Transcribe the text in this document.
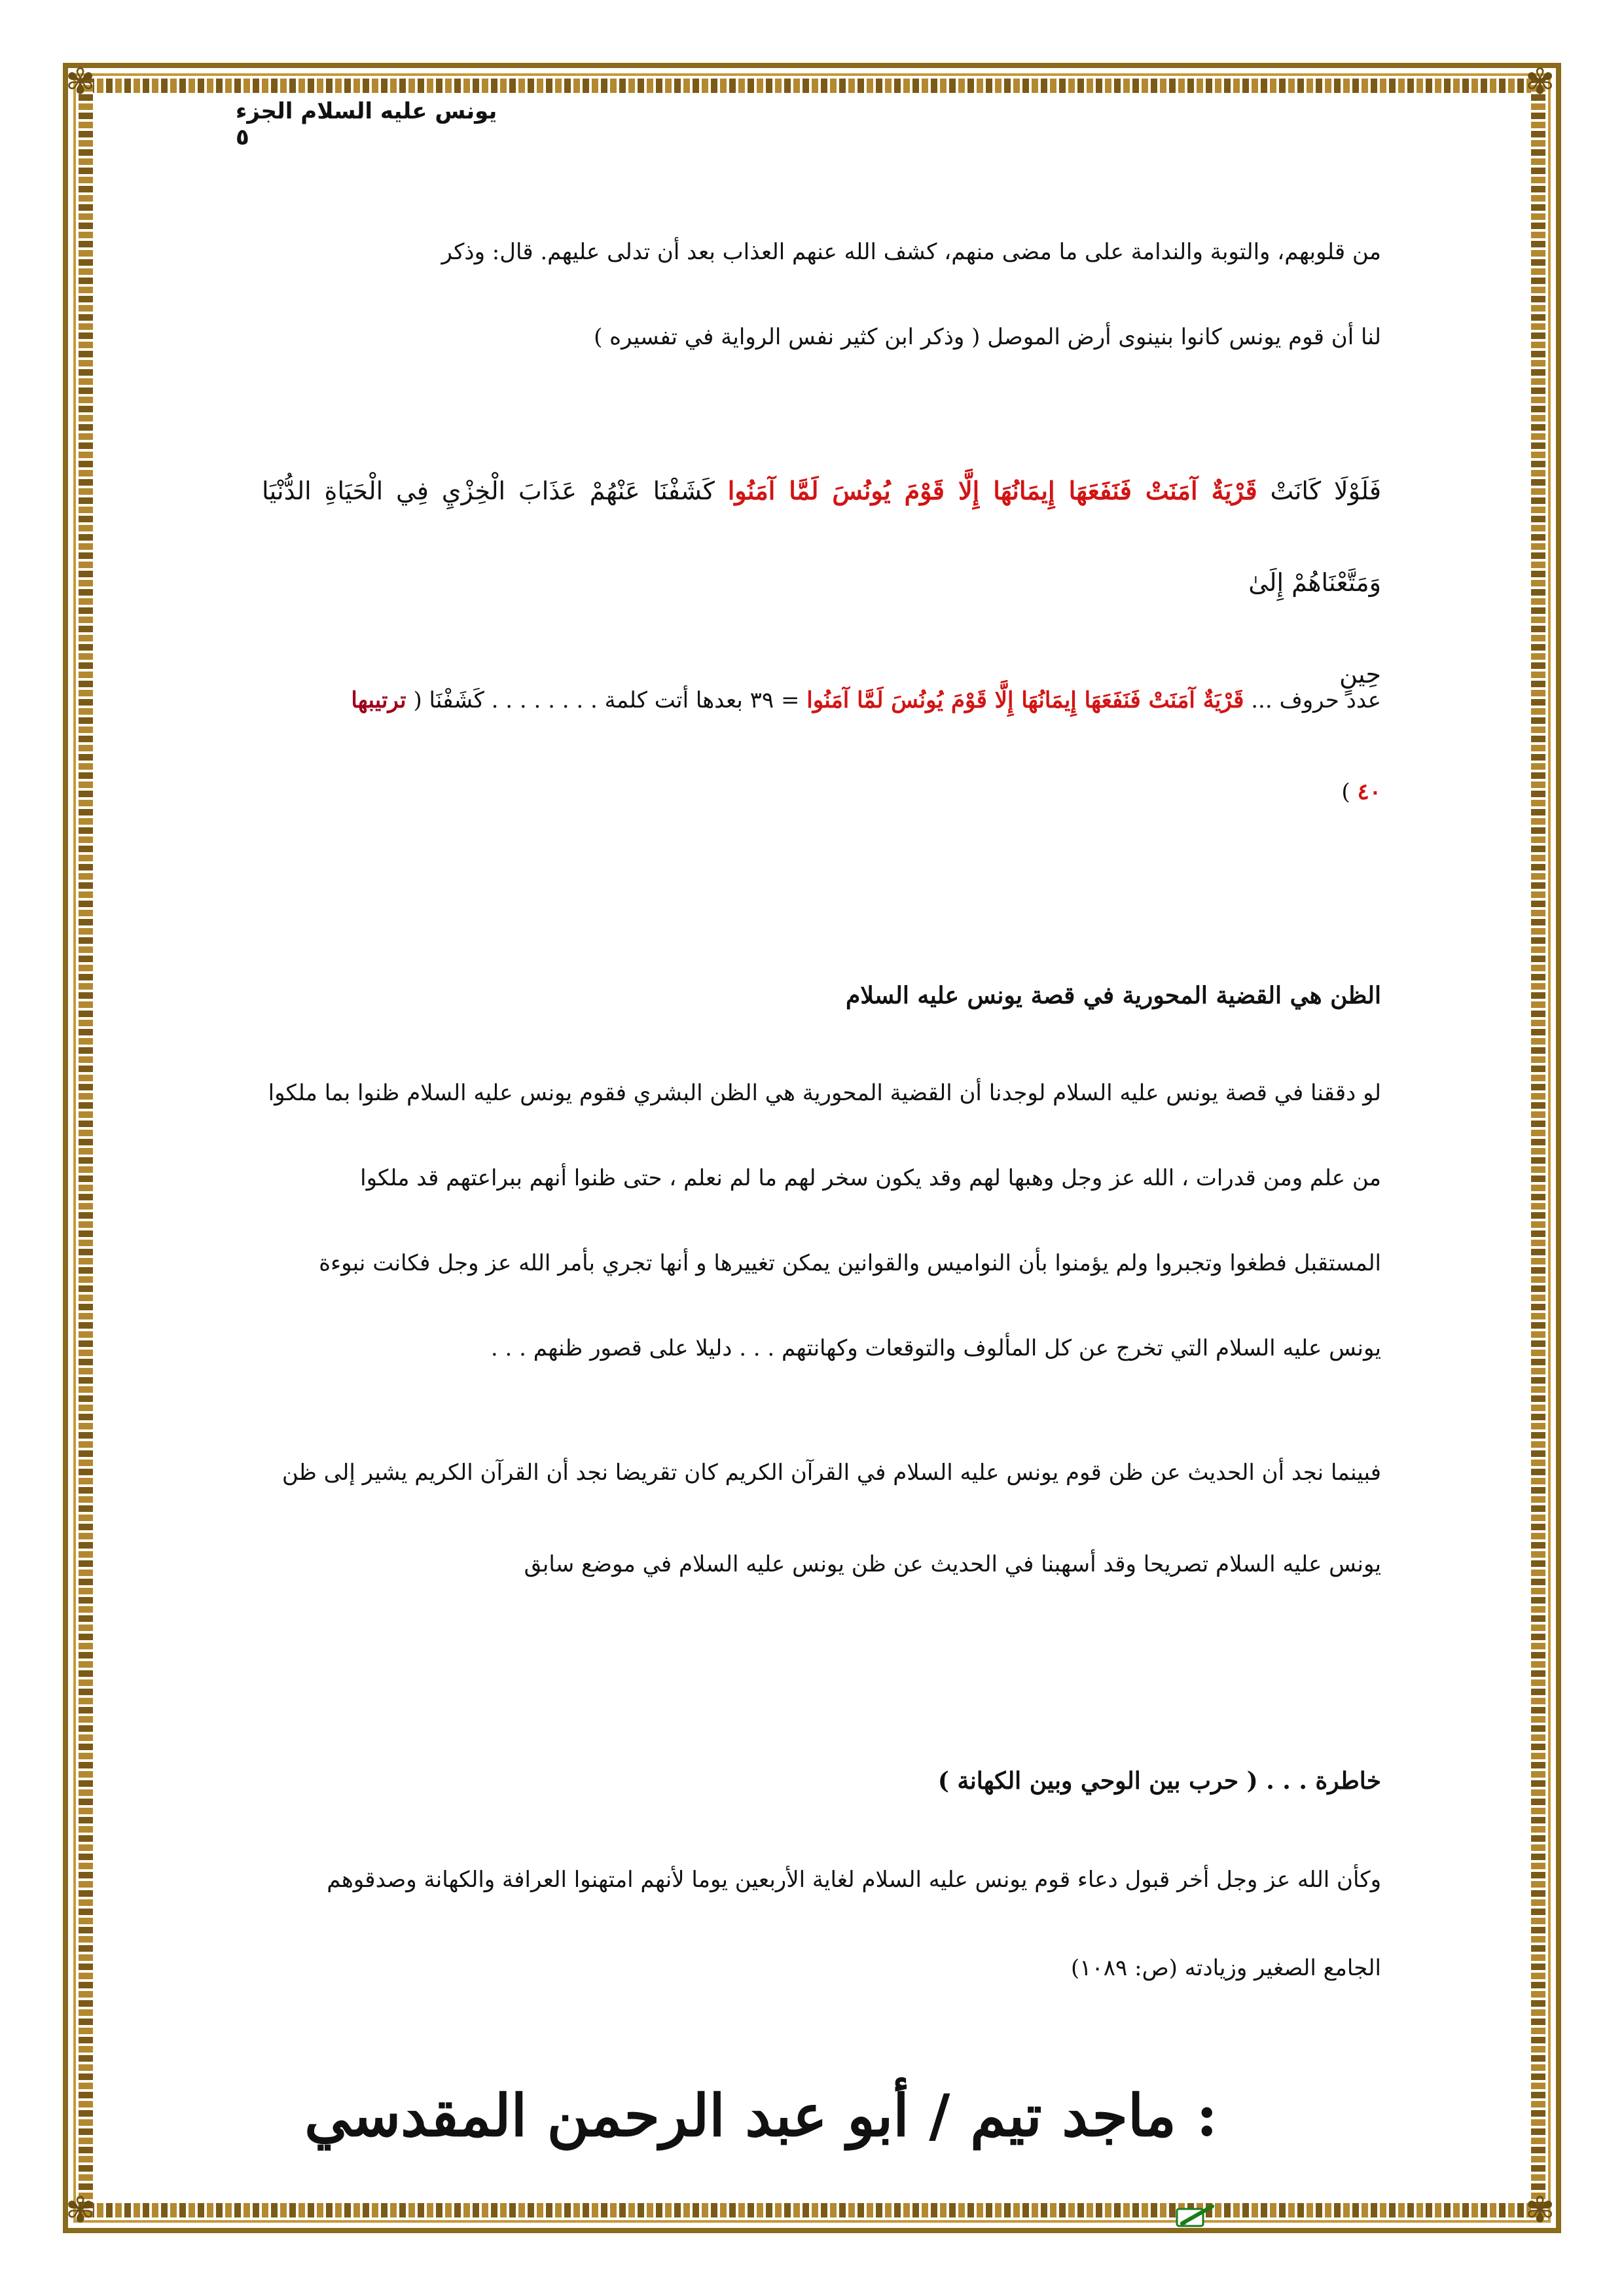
✾	✾
✾	✾
يونس عليه السلام الجزء ٥
من قلوبهم، والتوبة والندامة على ما مضى منهم، كشف الله عنهم العذاب بعد أن تدلى عليهم. قال: وذكر
لنا أن قوم يونس كانوا بنينوى أرض الموصل ( وذكر ابن كثير نفس الرواية في تفسيره )
فَلَوْلَا كَانَتْ قَرْيَةٌ آمَنَتْ فَنَفَعَهَا إِيمَانُهَا إِلَّا قَوْمَ يُونُسَ لَمَّا آمَنُوا كَشَفْنَا عَنْهُمْ عَذَابَ الْخِزْيِ فِي الْحَيَاةِ الدُّنْيَا وَمَتَّعْنَاهُمْ إِلَىٰ
حِينٍ
عدد حروف ... قَرْيَةٌ آمَنَتْ فَنَفَعَهَا إِيمَانُهَا إِلَّا قَوْمَ يُونُسَ لَمَّا آمَنُوا = ٣٩ بعدها أتت كلمة . . . . . . . . كَشَفْنَا ( ترتيبها
٤٠ )
الظن هي القضية المحورية في قصة يونس عليه السلام
لو دققنا في قصة يونس عليه السلام لوجدنا أن القضية المحورية هي الظن البشري فقوم يونس عليه السلام ظنوا بما ملكوا
من علم ومن قدرات ، الله عز وجل وهبها لهم وقد يكون سخر لهم ما لم نعلم ، حتى ظنوا أنهم ببراعتهم قد ملكوا
المستقبل فطغوا وتجبروا ولم يؤمنوا بأن النواميس والقوانين يمكن تغييرها و أنها تجري بأمر الله عز وجل فكانت نبوءة
يونس عليه السلام التي تخرج عن كل المألوف والتوقعات وكهانتهم . . . دليلا على قصور ظنهم . . .
فبينما نجد أن الحديث عن ظن قوم يونس عليه السلام في القرآن الكريم كان تقريضا نجد أن القرآن الكريم يشير إلى ظن
يونس عليه السلام تصريحا وقد أسهبنا في الحديث عن ظن يونس عليه السلام في موضع سابق
خاطرة . . . ( حرب بين الوحي وبين الكهانة )
وكأن الله عز وجل أخر قبول دعاء قوم يونس عليه السلام لغاية الأربعين يوما لأنهم امتهنوا العرافة والكهانة وصدقوهم
الجامع الصغير وزيادته (ص: ١٠٨٩)
: ماجد تيم / أبو عبد الرحمن المقدسي
